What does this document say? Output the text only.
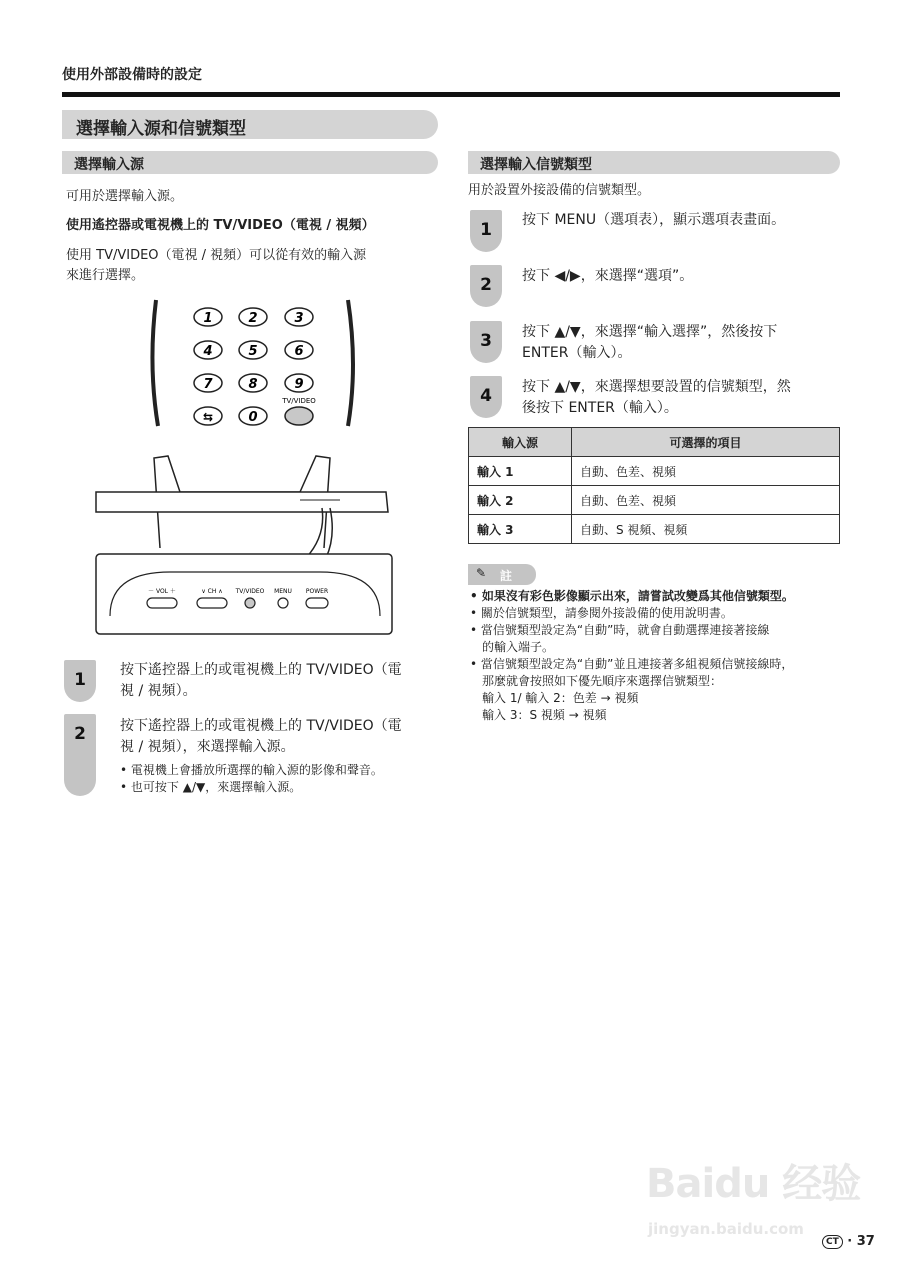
使用外部設備時的設定
選擇輸入源和信號類型
選擇輸入源
可用於選擇輸入源。
使用遙控器或電視機上的 TV/VIDEO（電視 / 視頻）
使用 TV/VIDEO（電視 / 視頻）可以從有效的輸入源
來進行選擇。
1	2	3
4	5	6
7	8	9
⇆	0
TV/VIDEO
－ VOL ＋	∨ CH ∧ TV/VIDEO MENU POWER
1	按下遙控器上的或電視機上的 TV/VIDEO（電
視 / 視頻）。
2	按下遙控器上的或電視機上的 TV/VIDEO（電
視 / 視頻），來選擇輸入源。
• 電視機上會播放所選擇的輸入源的影像和聲音。
• 也可按下 ▲/▼，來選擇輸入源。
選擇輸入信號類型
用於設置外接設備的信號類型。
1	按下 MENU（選項表），顯示選項表畫面。
2	按下 ◀/▶，來選擇“選項”。
3	按下 ▲/▼，來選擇“輸入選擇”，然後按下
ENTER（輸入）。
4	按下 ▲/▼，來選擇想要設置的信號類型，然
後按下 ENTER（輸入）。
輸入源	可選擇的項目
輸入 1	自動、色差、視頻
輸入 2	自動、色差、視頻
輸入 3	自動、S 視頻、視頻
✎ 註
• 如果沒有彩色影像顯示出來，請嘗試改變爲其他信號類型。
• 關於信號類型，請參閱外接設備的使用說明書。
• 當信號類型設定為“自動”時，就會自動選擇連接著接線
的輸入端子。
• 當信號類型設定為“自動”並且連接著多組視頻信號接線時，
那麼就會按照如下優先順序來選擇信號類型：
輸入 1/ 輸入 2：色差 → 視頻
輸入 3：S 視頻 → 視頻
Baidu 经验
jingyan.baidu.com
CT · 37
